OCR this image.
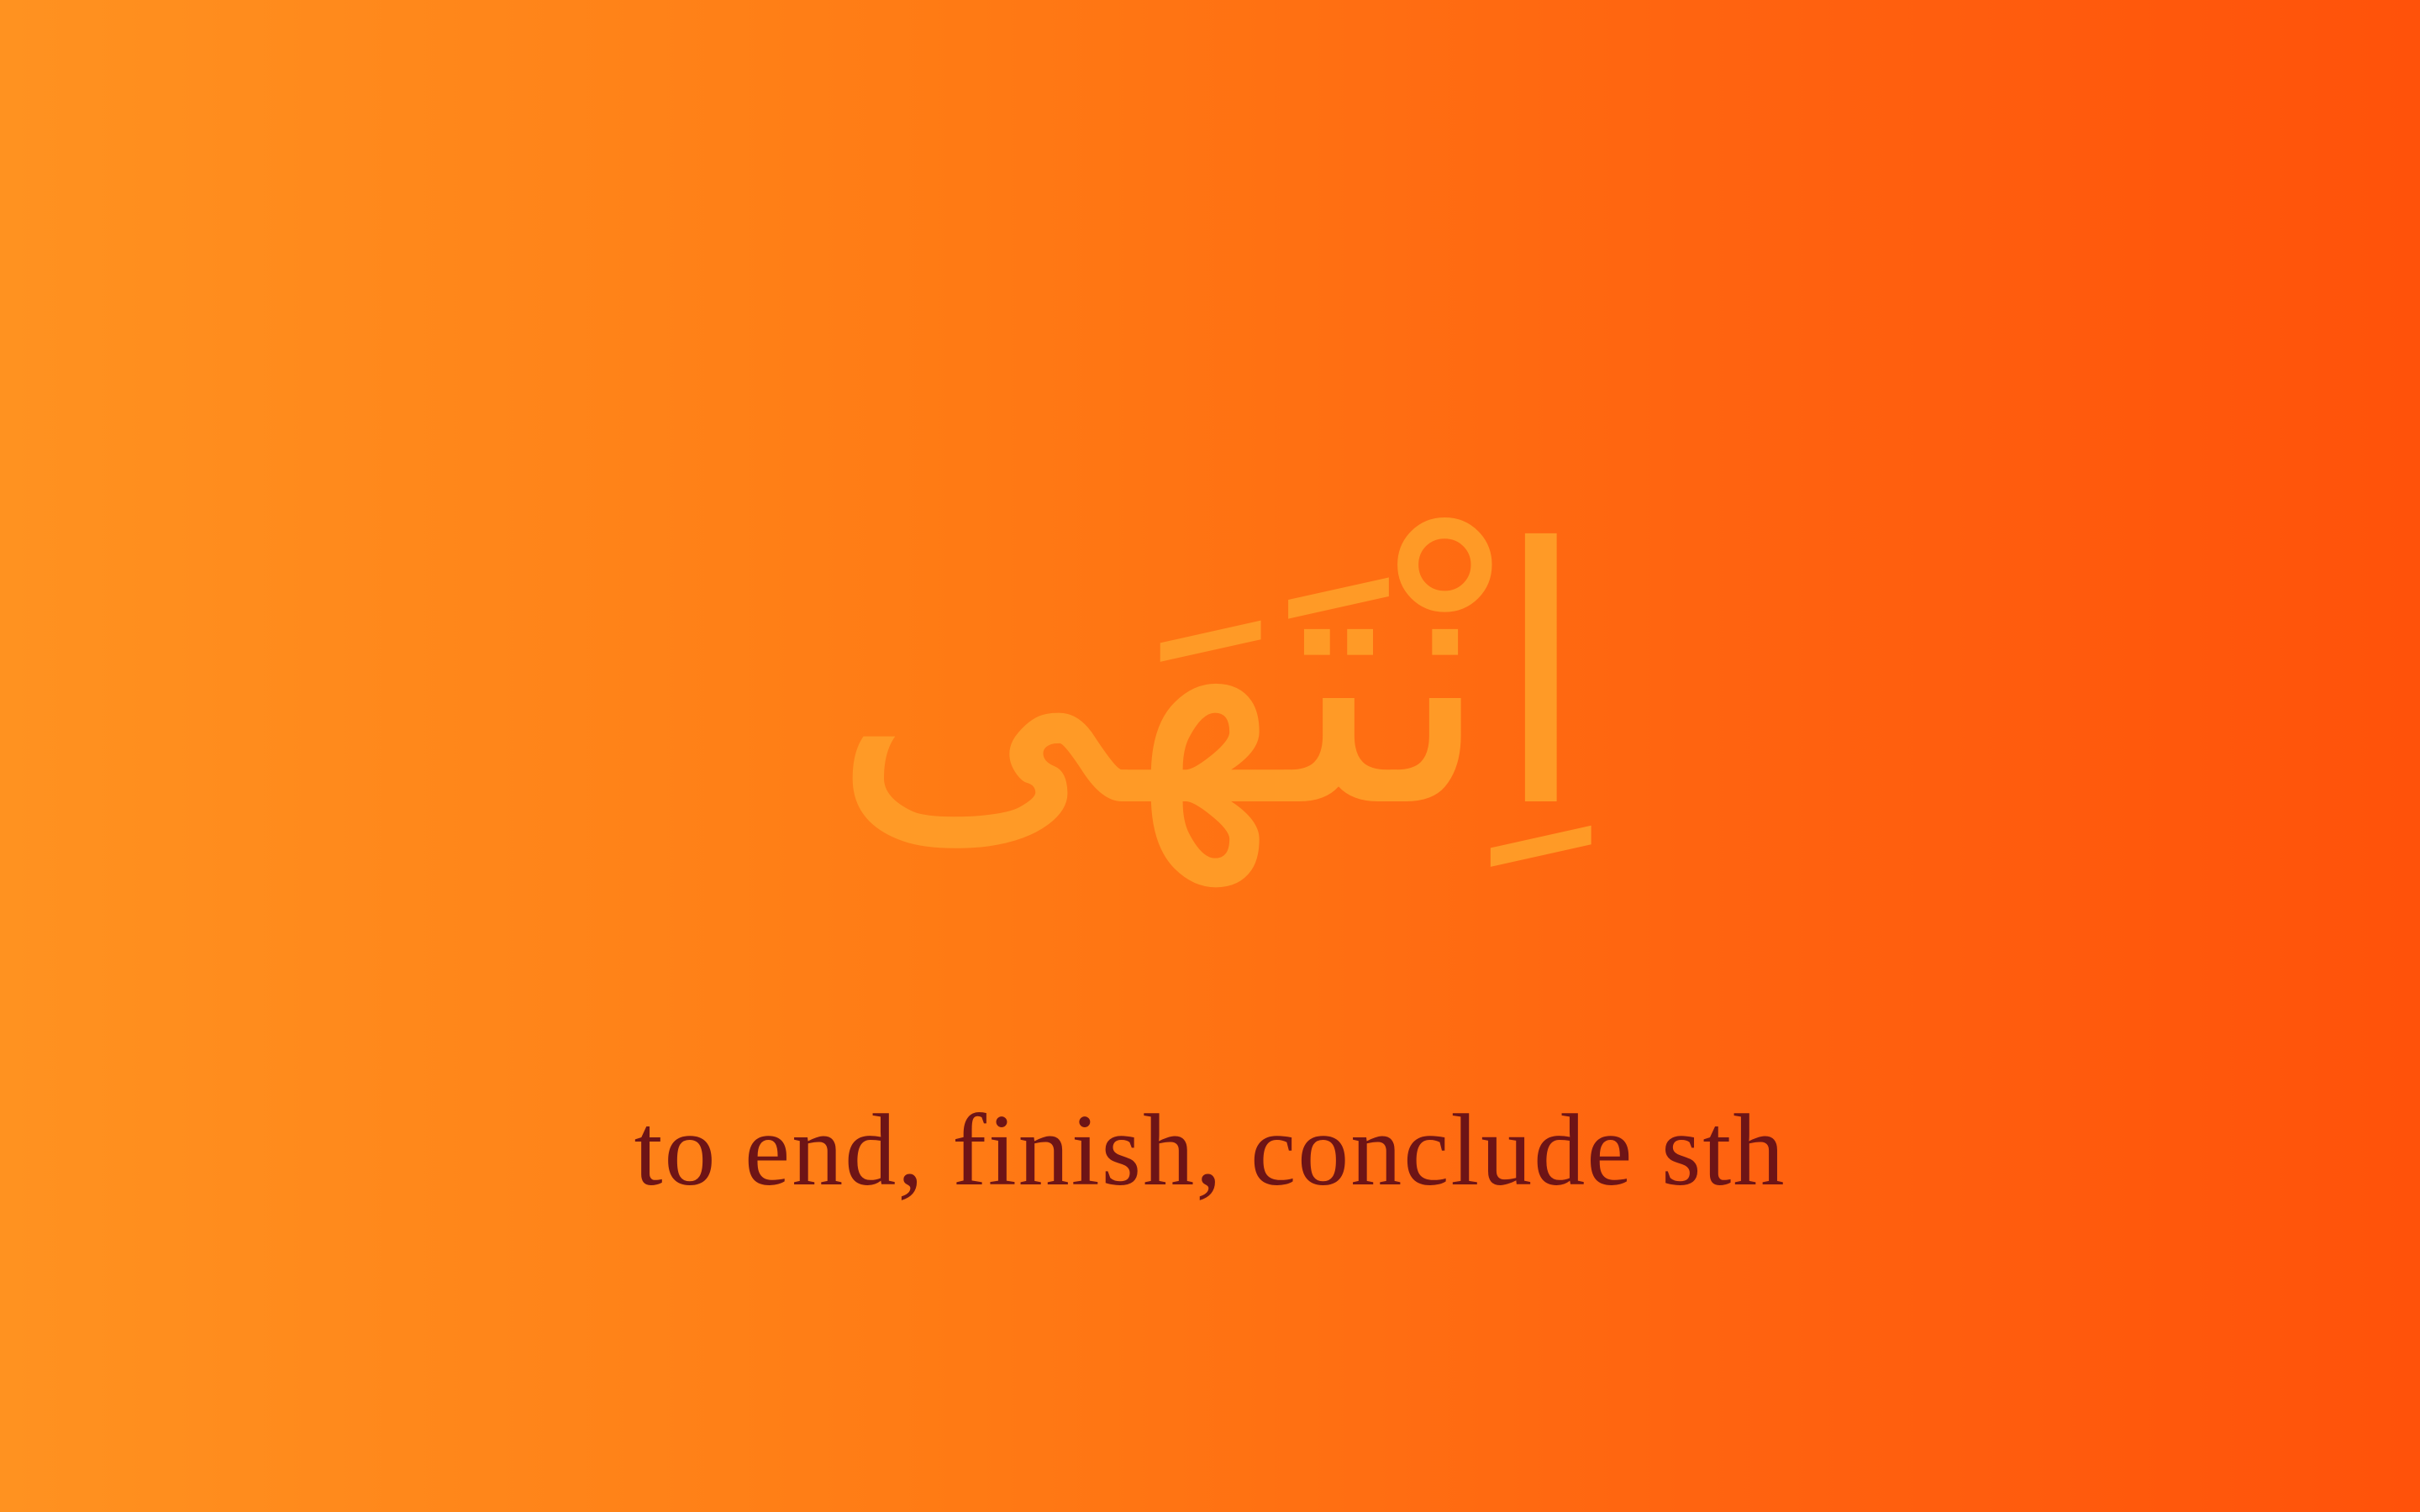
اِنْتَهَى
to end, finish, conclude sth
